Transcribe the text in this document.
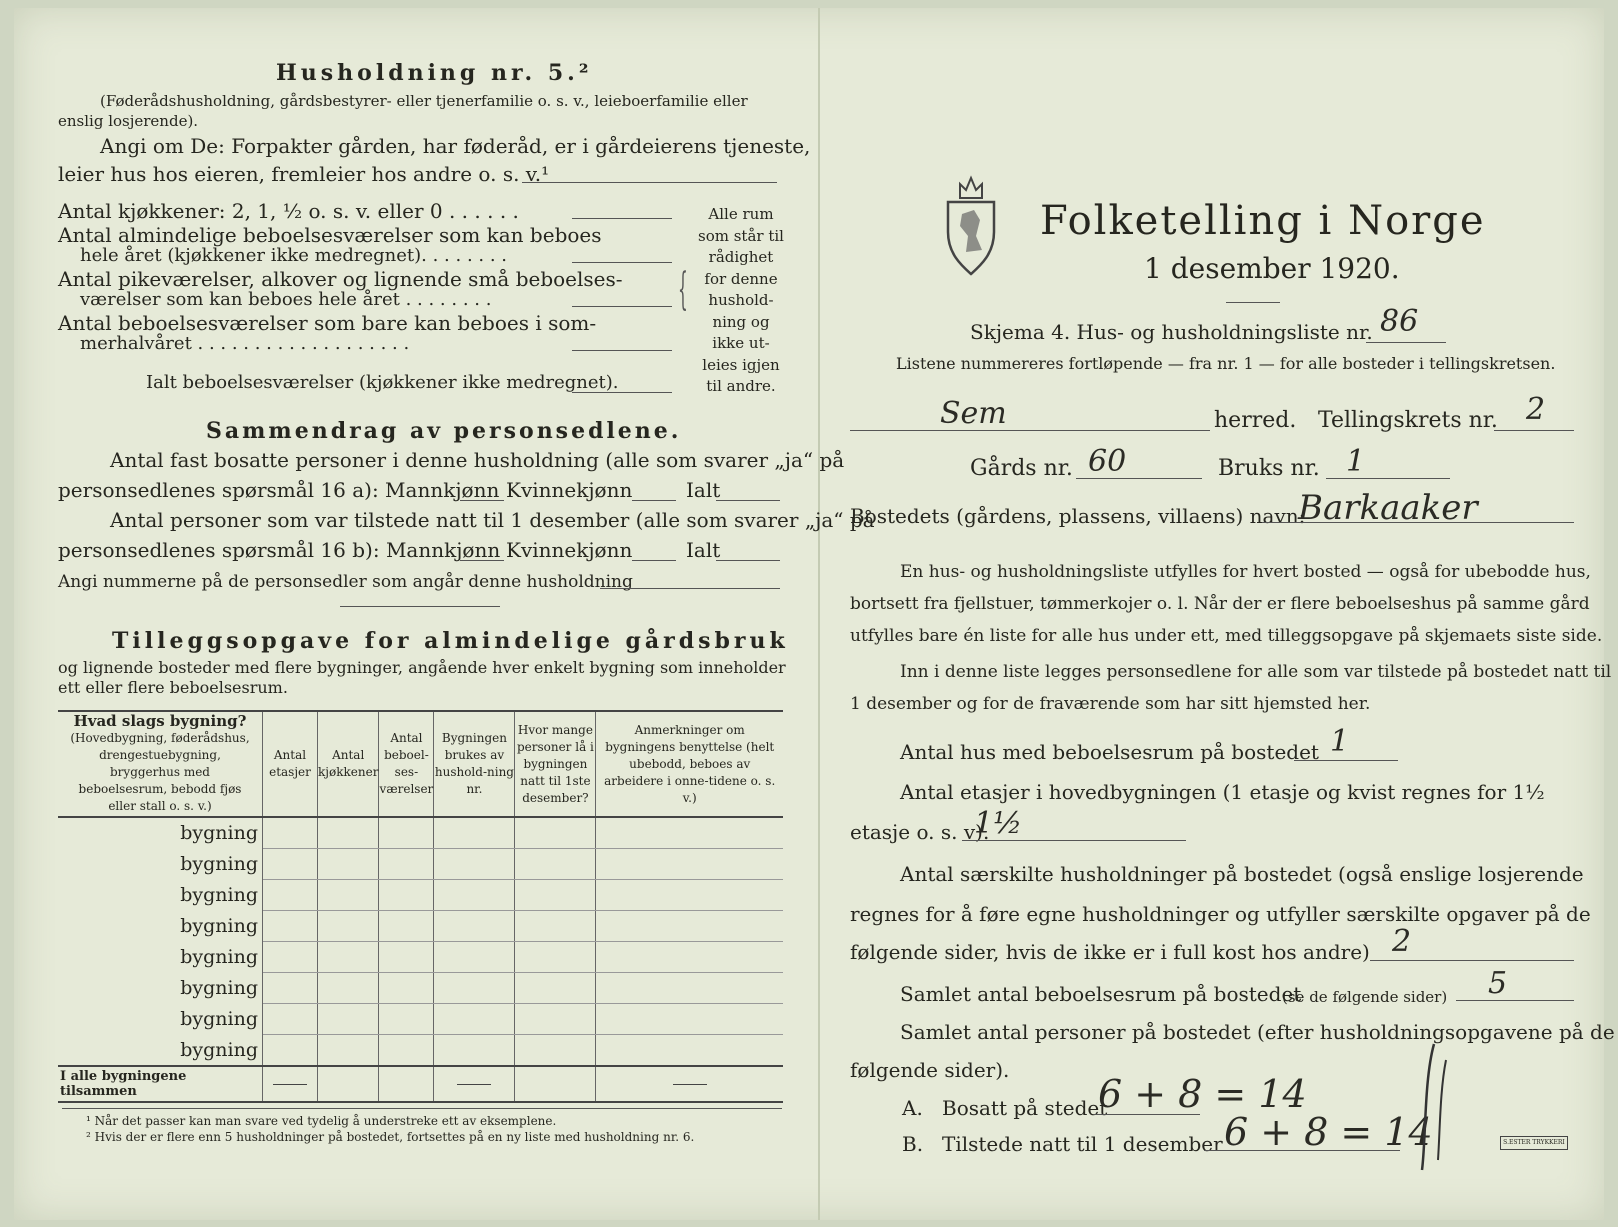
Husholdning nr. 5.²
(Føderådshusholdning, gårdsbestyrer- eller tjenerfamilie o. s. v., leieboerfamilie eller
enslig losjerende).
Angi om De: Forpakter gården, har føderåd, er i gårdeierens tjeneste,
leier hus hos eieren, fremleier hos andre o. s. v.¹
Antal kjøkkener: 2, 1, ½ o. s. v. eller 0 . . . . . .
Antal almindelige beboelsesværelser som kan beboes
hele året (kjøkkener ikke medregnet). . . . . . . .
Antal pikeværelser, alkover og lignende små beboelses-
værelser som kan beboes hele året . . . . . . . .
Antal beboelsesværelser som bare kan beboes i som-
merhalvåret . . . . . . . . . . . . . . . . . . .
Ialt beboelsesværelser (kjøkkener ikke medregnet).
{
Alle rum
som står til
rådighet
for denne
hushold-
ning og
ikke ut-
leies igjen
til andre.
Sammendrag av personsedlene.
Antal fast bosatte personer i denne husholdning (alle som svarer „ja“ på
personsedlenes spørsmål 16 a): Mannkjønn Kvinnekjønn	Ialt
Antal personer som var tilstede natt til 1 desember (alle som svarer „ja“ på
personsedlenes spørsmål 16 b): Mannkjønn Kvinnekjønn	Ialt
Angi nummerne på de personsedler som angår denne husholdning
Tilleggsopgave for almindelige gårdsbruk
og lignende bosteder med flere bygninger, angående hver enkelt bygning som inneholder
ett eller flere beboelsesrum.
Hvad slags bygning?
(Hovedbygning, føderådshus, drengestuebygning, bryggerhus med beboelsesrum, bebodd fjøs eller stall o. s. v.)	Antal etasjer	Antal kjøkkener	Antal beboel-ses-værelser	Bygningen brukes av hushold-ning nr.	Hvor mange personer lå i bygningen natt til 1ste desember?	Anmerkninger om bygningens benyttelse (helt ubebodd, beboes av arbeidere i onne-tidene o. s. v.)
bygning						
bygning						
bygning						
bygning						
bygning						
bygning						
bygning						
bygning						
I alle bygningene tilsammen						
¹ Når det passer kan man svare ved tydelig å understreke ett av eksemplene.
² Hvis der er flere enn 5 husholdninger på bostedet, fortsettes på en ny liste med husholdning nr. 6.
Folketelling i Norge
1 desember 1920.
Skjema 4. Hus- og husholdningsliste nr. 86
Listene nummereres fortløpende — fra nr. 1 — for alle bosteder i tellingskretsen.
Sem	herred. Tellingskrets nr. 2
Gårds nr. 60	Bruks nr. 1
Bostedets (gårdens, plassens, villaens) navn:
Barkaaker
En hus- og husholdningsliste utfylles for hvert bosted — også for ubebodde hus,
bortsett fra fjellstuer, tømmerkojer o. l. Når der er flere beboelseshus på samme gård
utfylles bare én liste for alle hus under ett, med tilleggsopgave på skjemaets siste side.
Inn i denne liste legges personsedlene for alle som var tilstede på bostedet natt til
1 desember og for de fraværende som har sitt hjemsted her.
Antal hus med beboelsesrum på bostedet 1
Antal etasjer i hovedbygningen (1 etasje og kvist regnes for 1½
etasje o. s. v).
1½
Antal særskilte husholdninger på bostedet (også enslige losjerende
regnes for å føre egne husholdninger og utfyller særskilte opgaver på de
følgende sider, hvis de ikke er i full kost hos andre) 2
Samlet antal beboelsesrum på bostedet
(se de følgende sider) 5
Samlet antal personer på bostedet (efter husholdningsopgavene på de
følgende sider).
A. Bosatt på stedet
6 + 8 = 14
B. Tilstede natt til 1 desember 6 + 8 = 14	S.ESTER TRYKKERI
